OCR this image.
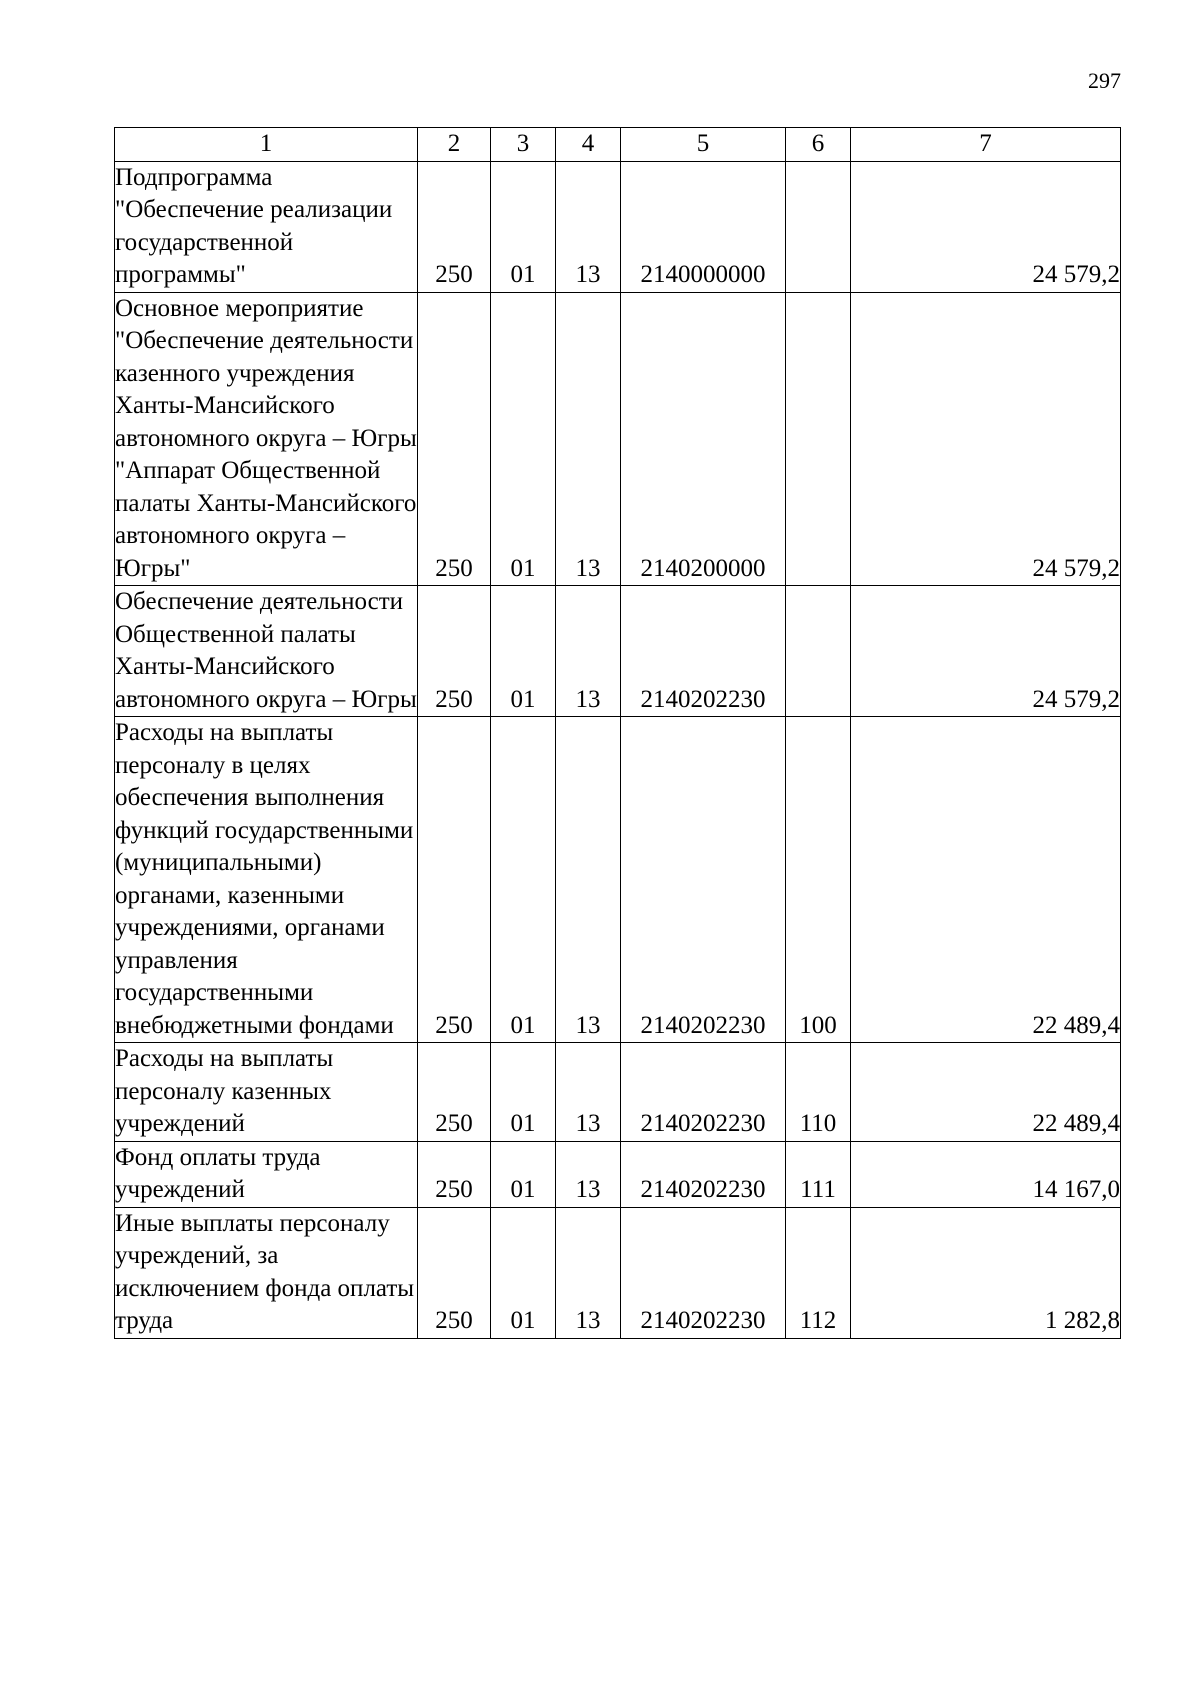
297
1	2	3	4	5	6	7
Подпрограмма "Обеспечение реализации государственной программы"	250	01	13	2140000000		24 579,2
Основное мероприятие "Обеспечение деятельности казенного учреждения Ханты-Мансийского автономного округа – Югры "Аппарат Общественной палаты Ханты-Мансийского автономного округа – Югры"	250	01	13	2140200000		24 579,2
Обеспечение деятельности Общественной палаты Ханты-Мансийского автономного округа – Югры	250	01	13	2140202230		24 579,2
Расходы на выплаты персоналу в целях обеспечения выполнения функций государственными (муниципальными) органами, казенными учреждениями, органами управления государственными внебюджетными фондами	250	01	13	2140202230	100	22 489,4
Расходы на выплаты персоналу казенных учреждений	250	01	13	2140202230	110	22 489,4
Фонд оплаты труда учреждений	250	01	13	2140202230	111	14 167,0
Иные выплаты персоналу учреждений, за исключением фонда оплаты труда	250	01	13	2140202230	112	1 282,8
